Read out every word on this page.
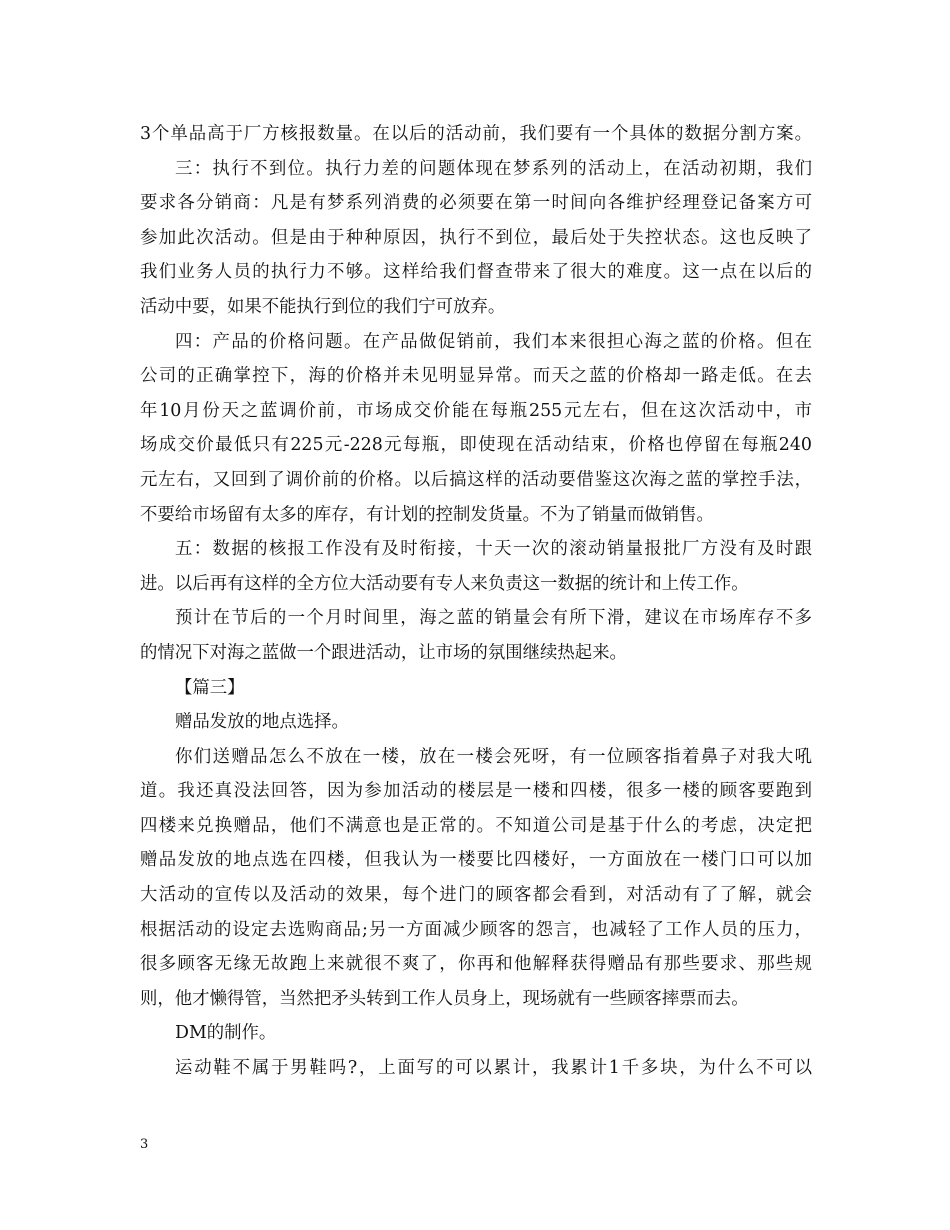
3个单品高于厂方核报数量。在以后的活动前，我们要有一个具体的数据分割方案。
三：执行不到位。执行力差的问题体现在梦系列的活动上，在活动初期，我们
要求各分销商：凡是有梦系列消费的必须要在第一时间向各维护经理登记备案方可
参加此次活动。但是由于种种原因，执行不到位，最后处于失控状态。这也反映了
我们业务人员的执行力不够。这样给我们督查带来了很大的难度。这一点在以后的
活动中要，如果不能执行到位的我们宁可放弃。
四：产品的价格问题。在产品做促销前，我们本来很担心海之蓝的价格。但在
公司的正确掌控下，海的价格并未见明显异常。而天之蓝的价格却一路走低。在去
年10月份天之蓝调价前，市场成交价能在每瓶255元左右，但在这次活动中，市
场成交价最低只有225元-228元每瓶，即使现在活动结束，价格也停留在每瓶240
元左右，又回到了调价前的价格。以后搞这样的活动要借鉴这次海之蓝的掌控手法，
不要给市场留有太多的库存，有计划的控制发货量。不为了销量而做销售。
五：数据的核报工作没有及时衔接，十天一次的滚动销量报批厂方没有及时跟
进。以后再有这样的全方位大活动要有专人来负责这一数据的统计和上传工作。
预计在节后的一个月时间里，海之蓝的销量会有所下滑，建议在市场库存不多
的情况下对海之蓝做一个跟进活动，让市场的氛围继续热起来。
【篇三】
赠品发放的地点选择。
你们送赠品怎么不放在一楼，放在一楼会死呀，有一位顾客指着鼻子对我大吼
道。我还真没法回答，因为参加活动的楼层是一楼和四楼，很多一楼的顾客要跑到
四楼来兑换赠品，他们不满意也是正常的。不知道公司是基于什么的考虑，决定把
赠品发放的地点选在四楼，但我认为一楼要比四楼好，一方面放在一楼门口可以加
大活动的宣传以及活动的效果，每个进门的顾客都会看到，对活动有了了解，就会
根据活动的设定去选购商品;另一方面减少顾客的怨言，也减轻了工作人员的压力，
很多顾客无缘无故跑上来就很不爽了，你再和他解释获得赠品有那些要求、那些规
则，他才懒得管，当然把矛头转到工作人员身上，现场就有一些顾客摔票而去。
DM的制作。
运动鞋不属于男鞋吗?，上面写的可以累计，我累计1千多块，为什么不可以
3
